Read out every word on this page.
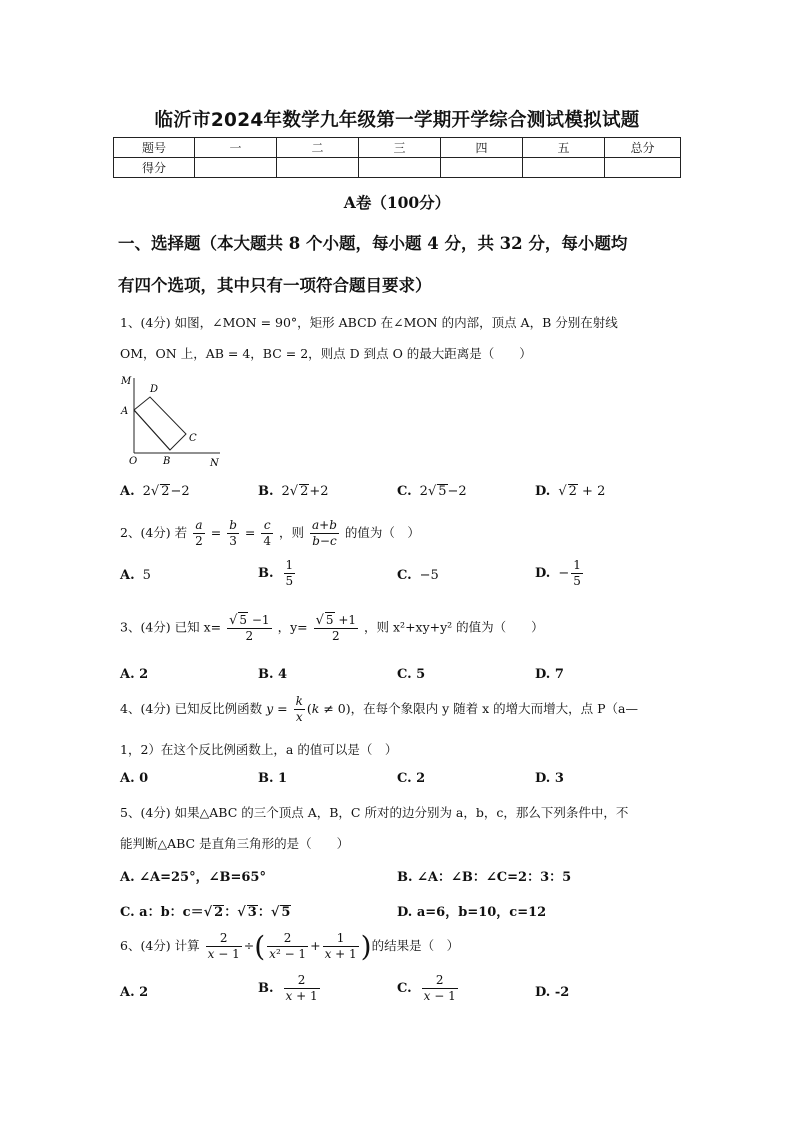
临沂市2024年数学九年级第一学期开学综合测试模拟试题
题号	一	二	三	四	五	总分
得分						
A卷（100分）
一、选择题（本大题共 8 个小题，每小题 4 分，共 32 分，每小题均
有四个选项，其中只有一项符合题目要求）
1、(4分) 如图，∠MON = 90°，矩形 ABCD 在∠MON 的内部，顶点 A，B 分别在射线
OM，ON 上，AB = 4，BC = 2，则点 D 到点 O 的最大距离是（　　）
M
D
A
C
O	B	N
A. 2√ 2−2	B. 2√ 2+2	C. 2√ 5−2	D. √ 2 + 2
2、(4分) 若 $\frac{a}{2} = \frac{b}{3} = \frac{c}{4}$ ，则 $\frac{a+b}{b-c}$ 的值为（　）
A. 5	B. $\frac{1}{5}$	C. −5	D. − $\frac{1}{5}$
3、(4分) 已知 $x= \frac{√ 5 -1}{2}$ ，$y= \frac{√ 5 +1}{2}$ ，则 x²+xy+y² 的值为（　　）
A. 2	B. 4	C. 5	D. 7
4、(4分) 已知反比例函数 $y = \frac{k}{x} (k \ne 0)$，在每个象限内 y 随着 x 的增大而增大，点 P（a—
1，2）在这个反比例函数上，a 的值可以是（　）
A. 0	B. 1	C. 2	D. 3
5、(4分) 如果△ABC 的三个顶点 A，B，C 所对的边分别为 a，b，c，那么下列条件中，不
能判断△ABC 是直角三角形的是（　　）
A. ∠A=25°，∠B=65°	B. ∠A：∠B：∠C=2：3：5
C. a：b：c＝√ 2：√ 3：√ 5	D. a=6，b=10，c=12
6、(4分) 计算 $\frac{2}{x - 1}$ ÷( $\frac{2}{\text{x² − 1}} + \frac{1}{x + 1}$ )的结果是（　）
A. 2	B. $\frac{2}{x + 1}$	C. $\frac{2}{x - 1}$	D. -2
